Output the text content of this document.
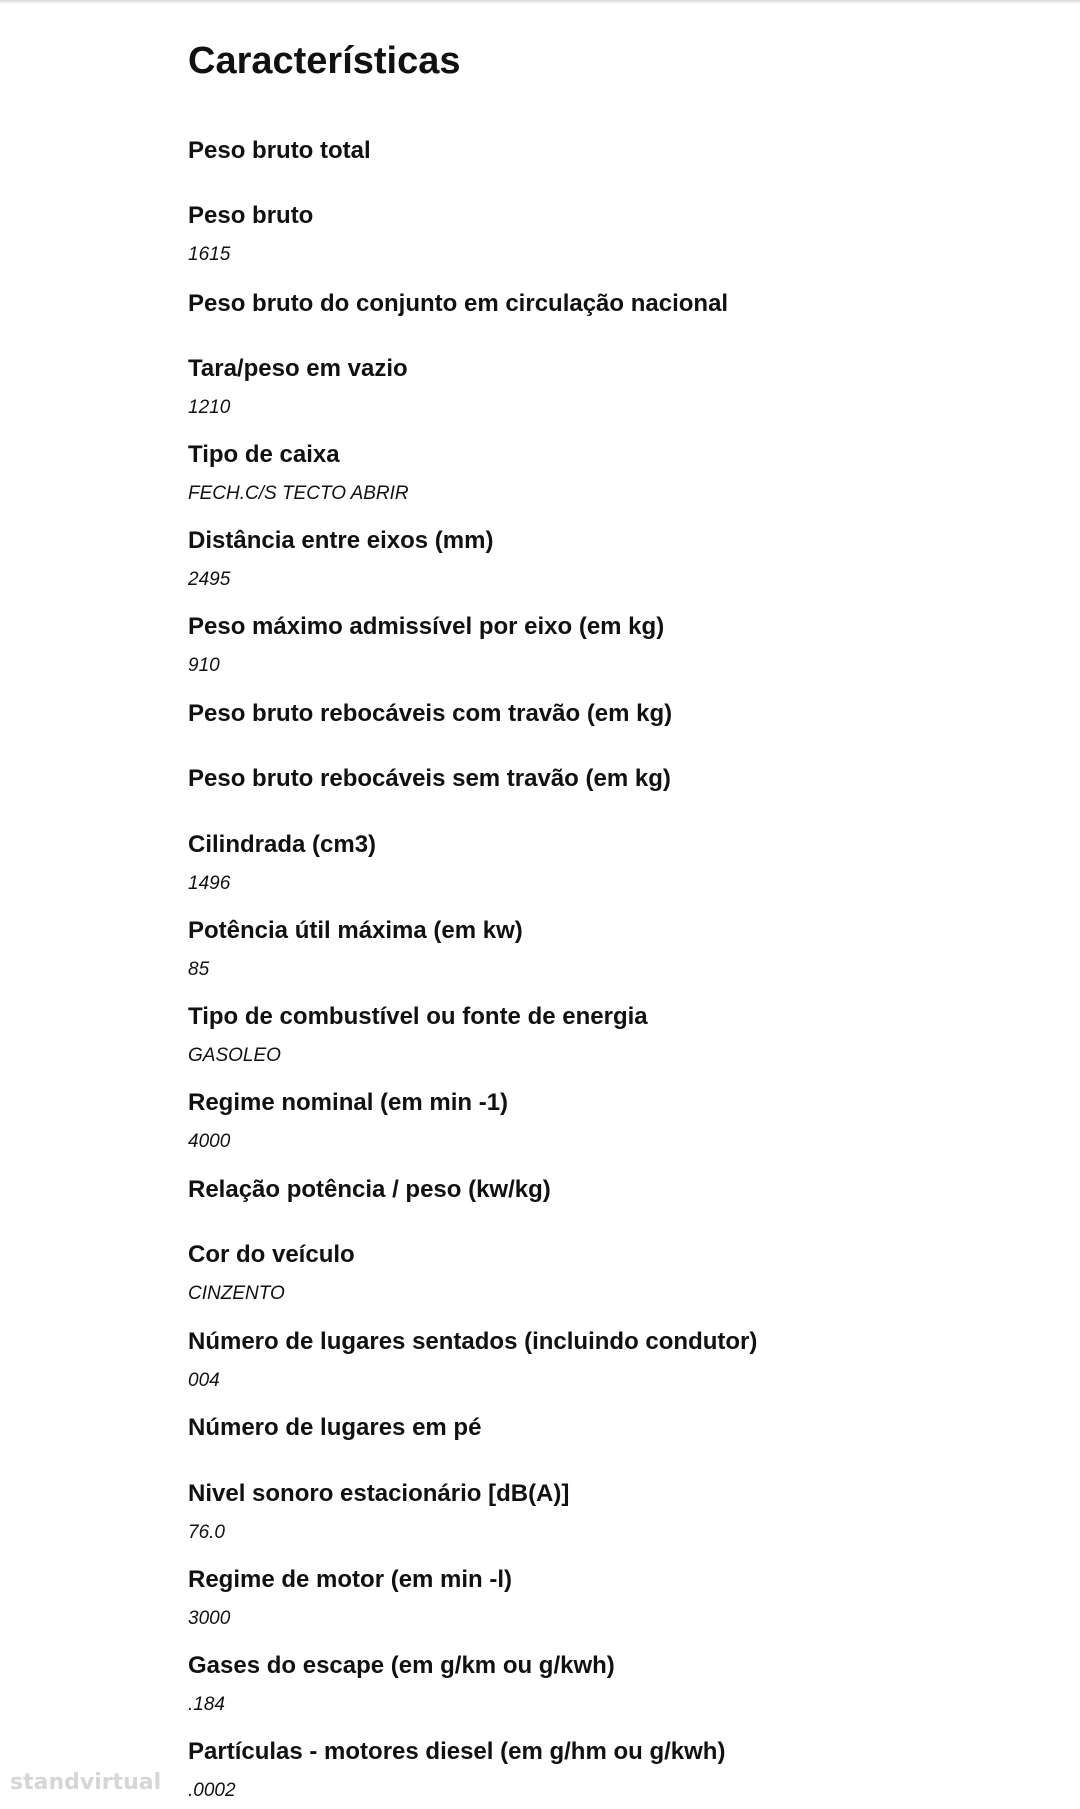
Características
Peso bruto total
Peso bruto
1615
Peso bruto do conjunto em circulação nacional
Tara/peso em vazio
1210
Tipo de caixa
FECH.C/S TECTO ABRIR
Distância entre eixos (mm)
2495
Peso máximo admissível por eixo (em kg)
910
Peso bruto rebocáveis com travão (em kg)
Peso bruto rebocáveis sem travão (em kg)
Cilindrada (cm3)
1496
Potência útil máxima (em kw)
85
Tipo de combustível ou fonte de energia
GASOLEO
Regime nominal (em min -1)
4000
Relação potência / peso (kw/kg)
Cor do veículo
CINZENTO
Número de lugares sentados (incluindo condutor)
004
Número de lugares em pé
Nivel sonoro estacionário [dB(A)]
76.0
Regime de motor (em min -l)
3000
Gases do escape (em g/km ou g/kwh)
.184
Partículas - motores diesel (em g/hm ou g/kwh)
.0002
standvirtual
